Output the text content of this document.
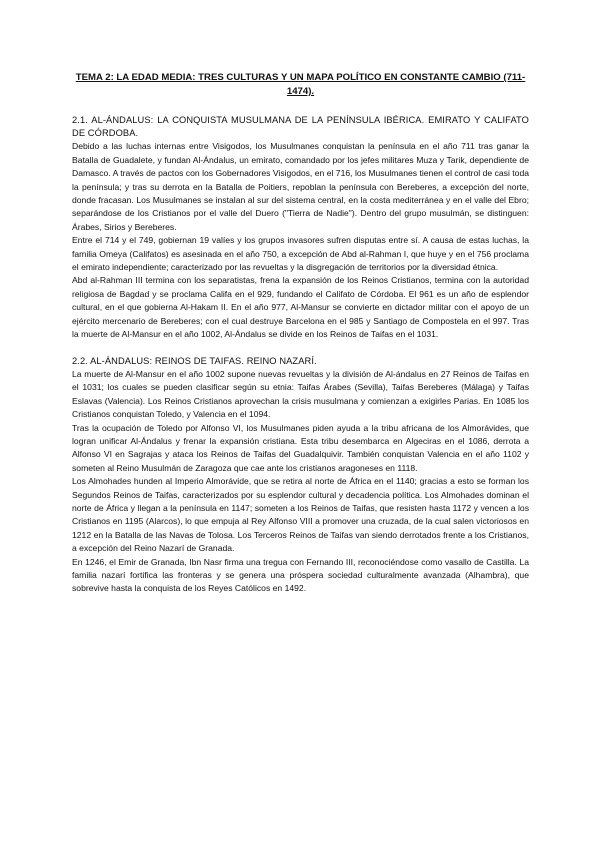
TEMA 2: LA EDAD MEDIA: TRES CULTURAS Y UN MAPA POLÍTICO EN CONSTANTE CAMBIO (711-1474).

2.1. AL-ÁNDALUS: LA CONQUISTA MUSULMANA DE LA PENÍNSULA IBÉRICA. EMIRATO Y CALIFATO DE CÓRDOBA.

Debido a las luchas internas entre Visigodos, los Musulmanes conquistan la península en el año 711 tras ganar la Batalla de Guadalete, y fundan Al-Ándalus, un emirato, comandado por los jefes militares Muza y Tarik, dependiente de Damasco. A través de pactos con los Gobernadores Visigodos, en el 716, los Musulmanes tienen el control de casi toda la península; y tras su derrota en la Batalla de Poitiers, repoblan la península con Bereberes, a excepción del norte, donde fracasan. Los Musulmanes se instalan al sur del sistema central, en la costa mediterránea y en el valle del Ebro; separándose de los Cristianos por el valle del Duero ("Tierra de Nadie"). Dentro del grupo musulmán, se distinguen: Árabes, Sirios y Bereberes.

Entre el 714 y el 749, gobiernan 19 valíes y los grupos invasores sufren disputas entre sí. A causa de estas luchas, la familia Omeya (Califatos) es asesinada en el año 750, a excepción de Abd al-Rahman I, que huye y en el 756 proclama el emirato independiente; caracterizado por las revueltas y la disgregación de territorios por la diversidad étnica.

Abd al-Rahman III termina con los separatistas, frena la expansión de los Reinos Cristianos, termina con la autoridad religiosa de Bagdad y se proclama Califa en el 929, fundando el Califato de Córdoba. El 961 es un año de esplendor cultural, en el que gobierna Al-Hakam II. En el año 977, Al-Mansur se convierte en dictador militar con el apoyo de un ejército mercenario de Bereberes; con el cual destruye Barcelona en el 985 y Santiago de Compostela en el 997. Tras la muerte de Al-Mansur en el año 1002, Al-Ándalus se divide en los Reinos de Taifas en el 1031.

2.2. AL-ÁNDALUS: REINOS DE TAIFAS. REINO NAZARÍ.

La muerte de Al-Mansur en el año 1002 supone nuevas revueltas y la división de Al-ándalus en 27 Reinos de Taifas en el 1031; los cuales se pueden clasificar según su etnia: Taifas Árabes (Sevilla), Taifas Bereberes (Málaga) y Taifas Eslavas (Valencia). Los Reinos Cristianos aprovechan la crisis musulmana y comienzan a exigirles Parias. En 1085 los Cristianos conquistan Toledo, y Valencia en el 1094.

Tras la ocupación de Toledo por Alfonso VI, los Musulmanes piden ayuda a la tribu africana de los Almorávides, que logran unificar Al-Ándalus y frenar la expansión cristiana. Esta tribu desembarca en Algeciras en el 1086, derrota a Alfonso VI en Sagrajas y ataca los Reinos de Taifas del Guadalquivir. También conquistan Valencia en el año 1102 y someten al Reino Musulmán de Zaragoza que cae ante los cristianos aragoneses en 1118.

Los Almohades hunden al Imperio Almorávide, que se retira al norte de África en el 1140; gracias a esto se forman los Segundos Reinos de Taifas, caracterizados por su esplendor cultural y decadencia política. Los Almohades dominan el norte de África y llegan a la península en 1147; someten a los Reinos de Taifas, que resisten hasta 1172 y vencen a los Cristianos en 1195 (Alarcos), lo que empuja al Rey Alfonso VIII a promover una cruzada, de la cual salen victoriosos en 1212 en la Batalla de las Navas de Tolosa. Los Terceros Reinos de Taifas van siendo derrotados frente a los Cristianos, a excepción del Reino Nazarí de Granada.

En 1246, el Emir de Granada, Ibn Nasr firma una tregua con Fernando III, reconociéndose como vasallo de Castilla. La familia nazarí fortifica las fronteras y se genera una próspera sociedad culturalmente avanzada (Alhambra), que sobrevive hasta la conquista de los Reyes Católicos en 1492.
